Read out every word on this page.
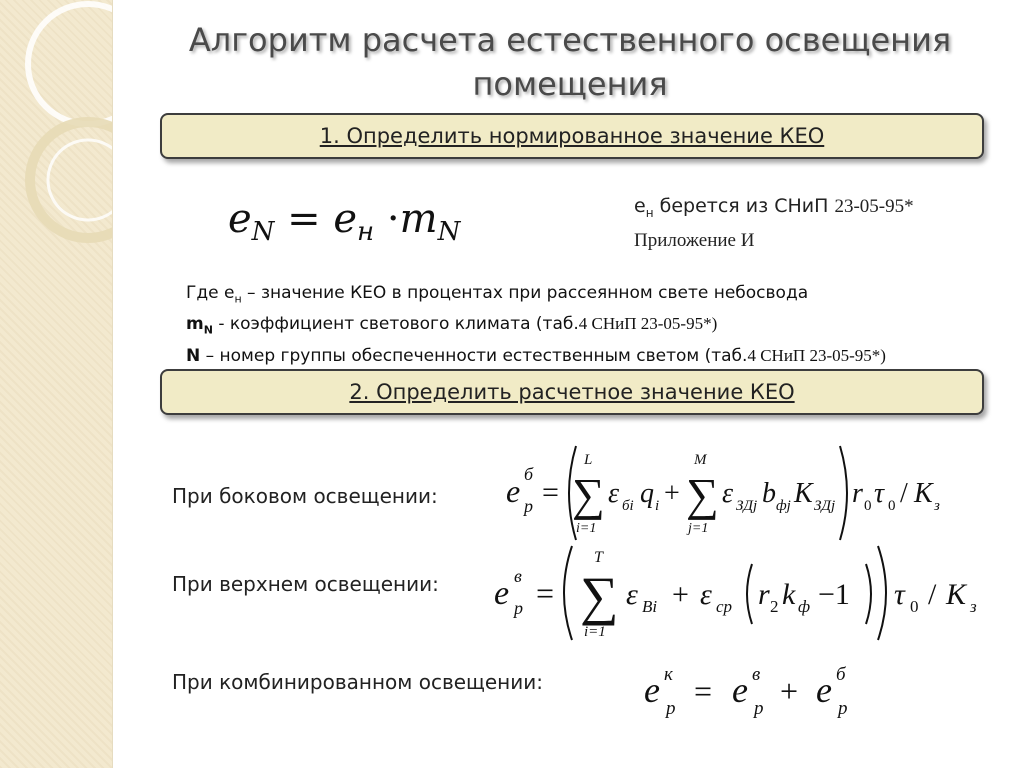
Алгоритм расчета естественного освещения
помещения
1. Определить нормированное значение КЕО
$e_N = e_н \cdot m_N$
$е_н$ берется из СНиП 23-05-95*
Приложение И
Где $е_н$ – значение КЕО в процентах при рассеянном свете небосвода
$m_N$ - коэффициент светового климата (таб.4 СНиП 23-05-95*)
N – номер группы обеспеченности естественным светом (таб.4 СНиП 23-05-95*)
2. Определить расчетное значение КЕО
При боковом освещении: e б
р =
L
∑
i=1
ε бi q i +
M
∑
j=1
ε ЗДj b фj K ЗДj r 0 τ 0 / K з
При верхнем освещении: e в
р =
T
∑
i=1
ε Bi + ε ср r 2 k ф −1 τ 0 / K з
При комбинированном освещении:	e к
р = e в
р + e б
р
